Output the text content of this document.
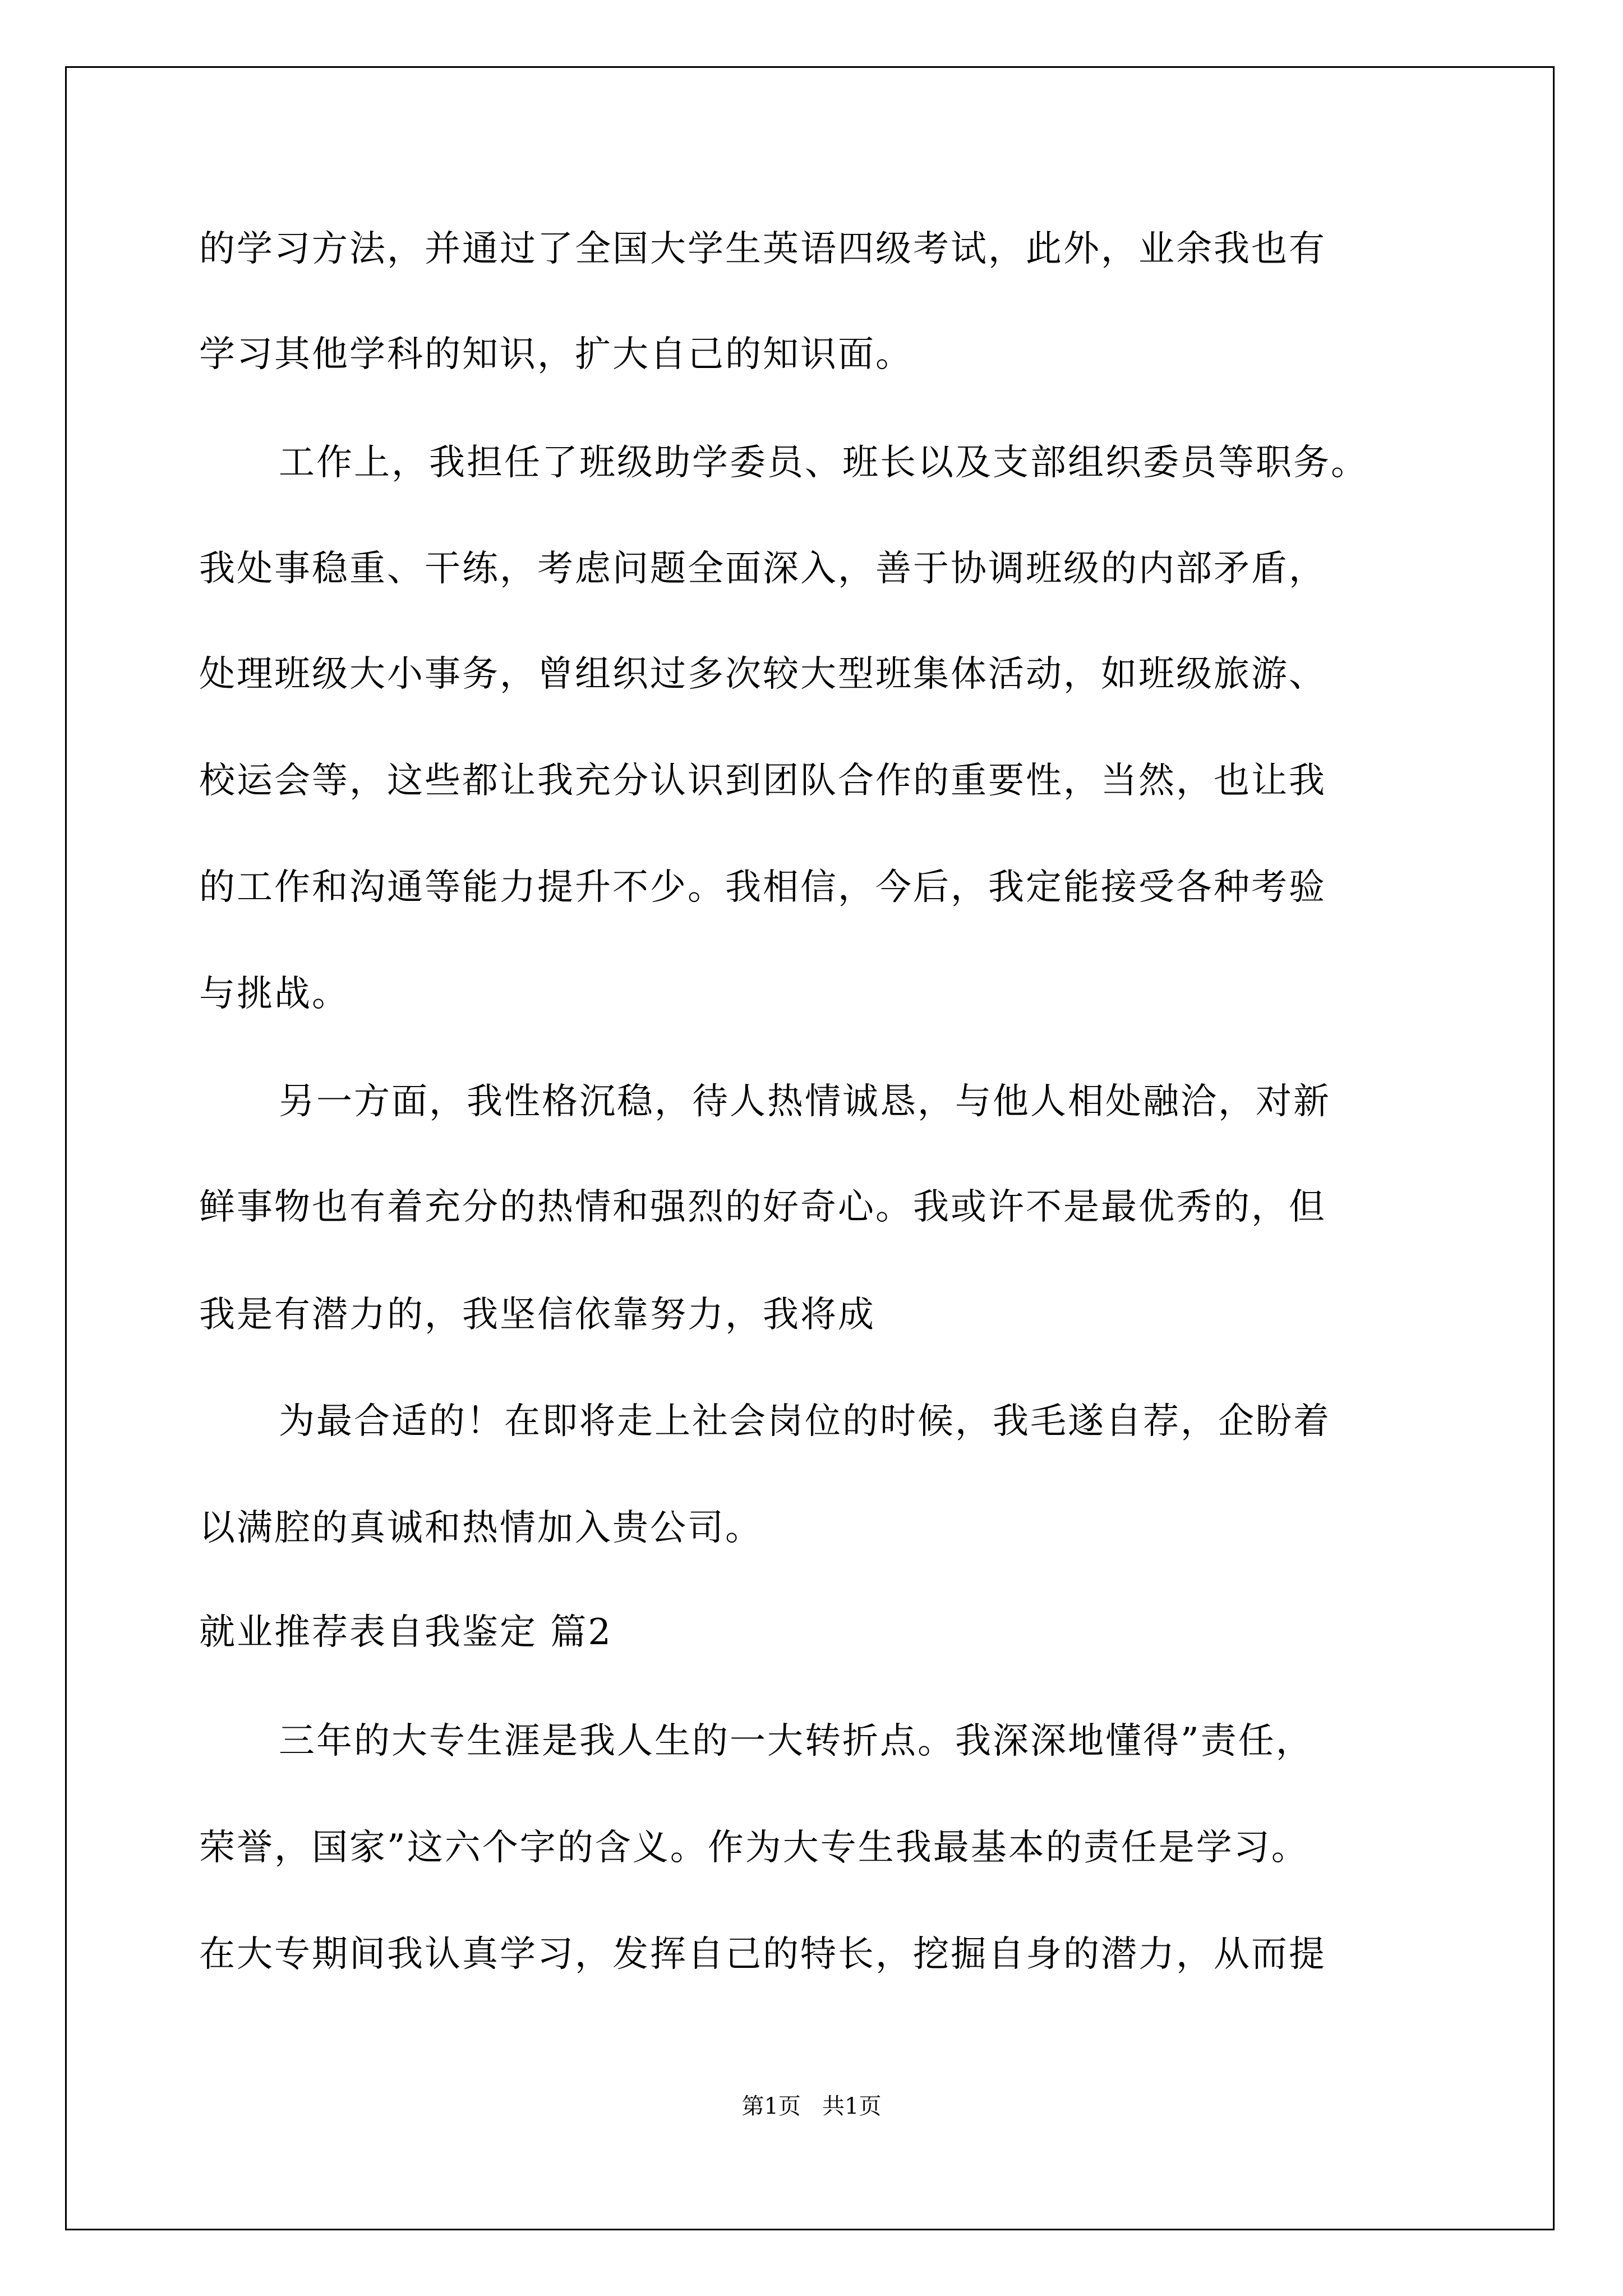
的学习方法，并通过了全国大学生英语四级考试，此外，业余我也有

学习其他学科的知识，扩大自己的知识面。

工作上，我担任了班级助学委员、班长以及支部组织委员等职务。

我处事稳重、干练，考虑问题全面深入，善于协调班级的内部矛盾，

处理班级大小事务，曾组织过多次较大型班集体活动，如班级旅游、

校运会等，这些都让我充分认识到团队合作的重要性，当然，也让我

的工作和沟通等能力提升不少。我相信，今后，我定能接受各种考验

与挑战。

另一方面，我性格沉稳，待人热情诚恳，与他人相处融洽，对新

鲜事物也有着充分的热情和强烈的好奇心。我或许不是最优秀的，但

我是有潜力的，我坚信依靠努力，我将成

为最合适的！在即将走上社会岗位的时候，我毛遂自荐，企盼着

以满腔的真诚和热情加入贵公司。

就业推荐表自我鉴定 篇2

三年的大专生涯是我人生的一大转折点。我深深地懂得”责任，

荣誉，国家”这六个字的含义。作为大专生我最基本的责任是学习。

在大专期间我认真学习，发挥自己的特长，挖掘自身的潜力，从而提

第1页   共1页
